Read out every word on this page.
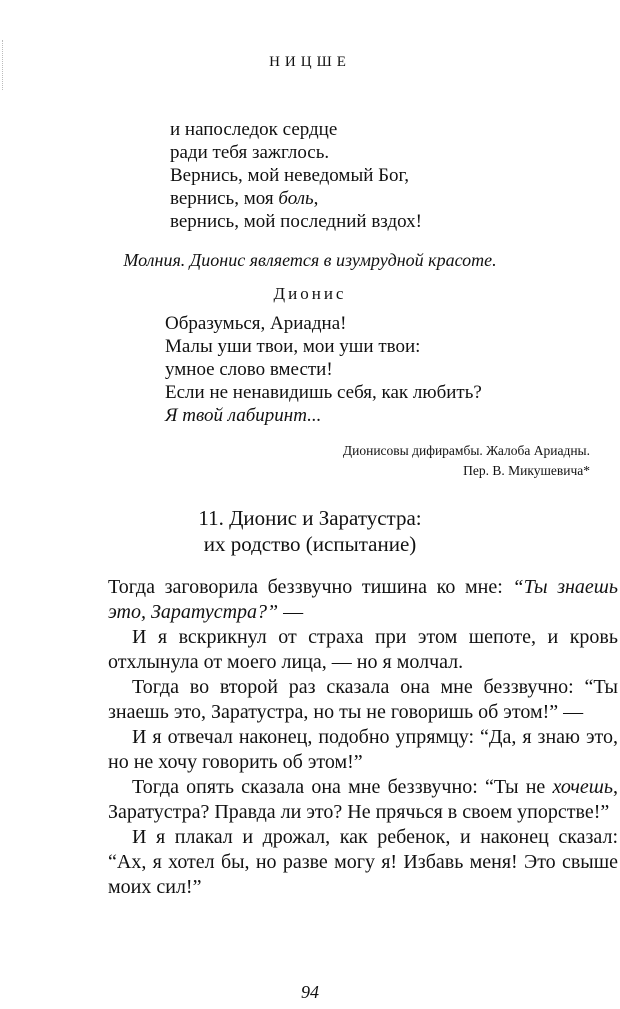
НИЦШЕ
и напоследок сердце
ради тебя зажглось.
Вернись, мой неведомый Бог,
вернись, моя боль,
вернись, мой последний вздох!
Молния. Дионис является в изумрудной красоте.
Дионис
Образумься, Ариадна!
Малы уши твои, мои уши твои:
умное слово вмести!
Если не ненавидишь себя, как любить?
Я твой лабиринт...
Дионисовы дифирамбы. Жалоба Ариадны.
Пер. В. Микушевича*
11. Дионис и Заратустра:
их родство (испытание)

Тогда заговорила беззвучно тишина ко мне: “Ты знаешь это, Заратустра?” —

И я вскрикнул от страха при этом шепоте, и кровь отхлынула от моего лица, — но я молчал.

Тогда во второй раз сказала она мне беззвучно: “Ты знаешь это, Заратустра, но ты не говоришь об этом!” —

И я отвечал наконец, подобно упрямцу: “Да, я знаю это, но не хочу говорить об этом!”

Тогда опять сказала она мне беззвучно: “Ты не хочешь, Заратустра? Правда ли это? Не прячься в своем упорстве!”

И я плакал и дрожал, как ребенок, и наконец сказал: “Ах, я хотел бы, но разве могу я! Избавь меня! Это свыше моих сил!”

94
